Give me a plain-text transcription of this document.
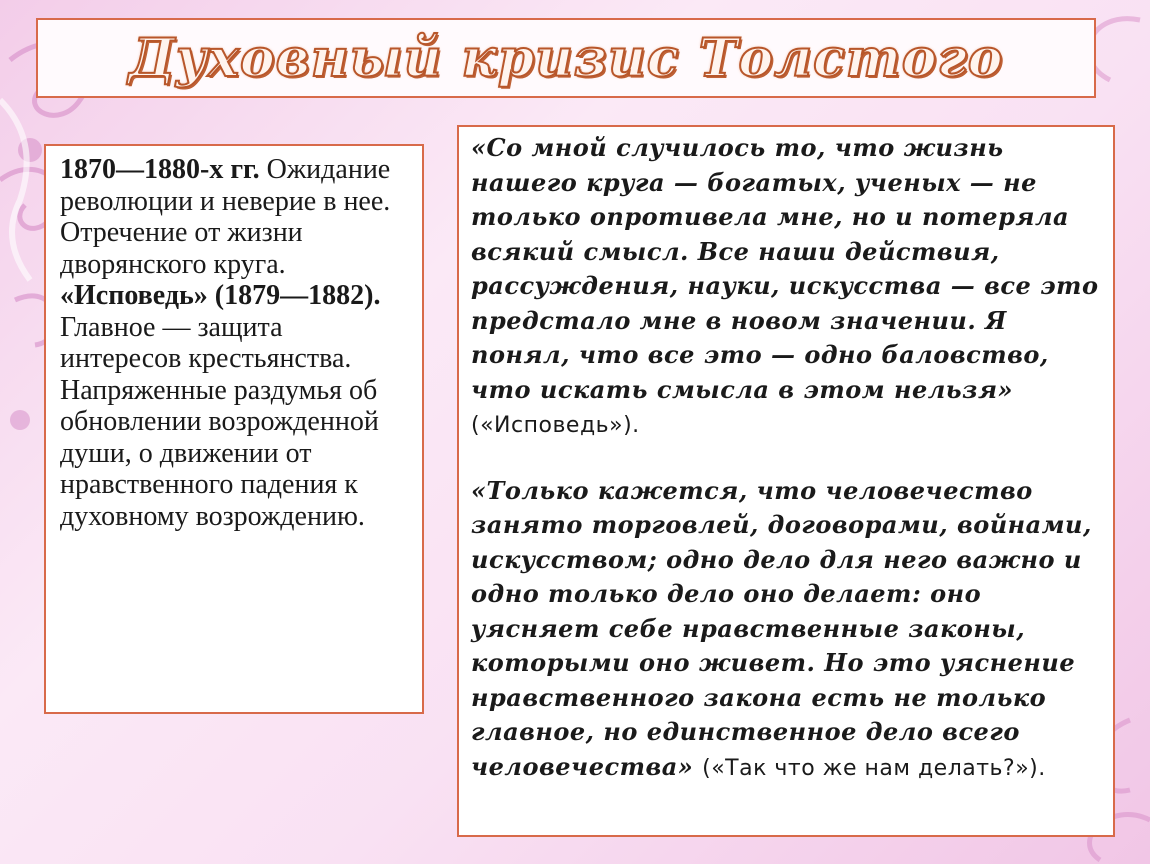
Духовный кризис Толстого
1870—1880-х гг. Ожидание революции и неверие в нее. Отречение от жизни дворянского круга. «Исповедь» (1879—1882). Главное — защита интересов крестьянства. Напряженные раздумья об обновлении возрожденной души, о движении от нравственного падения к духовному возрождению.

«Со мной случилось то, что жизнь нашего круга — богатых, ученых — не только опротивела мне, но и потеряла всякий смысл. Все наши действия, рассуждения, науки, искусства — все это предстало мне в новом значении. Я понял, что все это — одно баловство, что искать смысла в этом нельзя» («Исповедь»).

«Только кажется, что человечество занято торговлей, договорами, войнами, искусством; одно дело для него важно и одно только дело оно делает: оно уясняет себе нравственные законы, которыми оно живет. Но это уяснение нравственного закона есть не только главное, но единственное дело всего человечества» («Так что же нам делать?»).
